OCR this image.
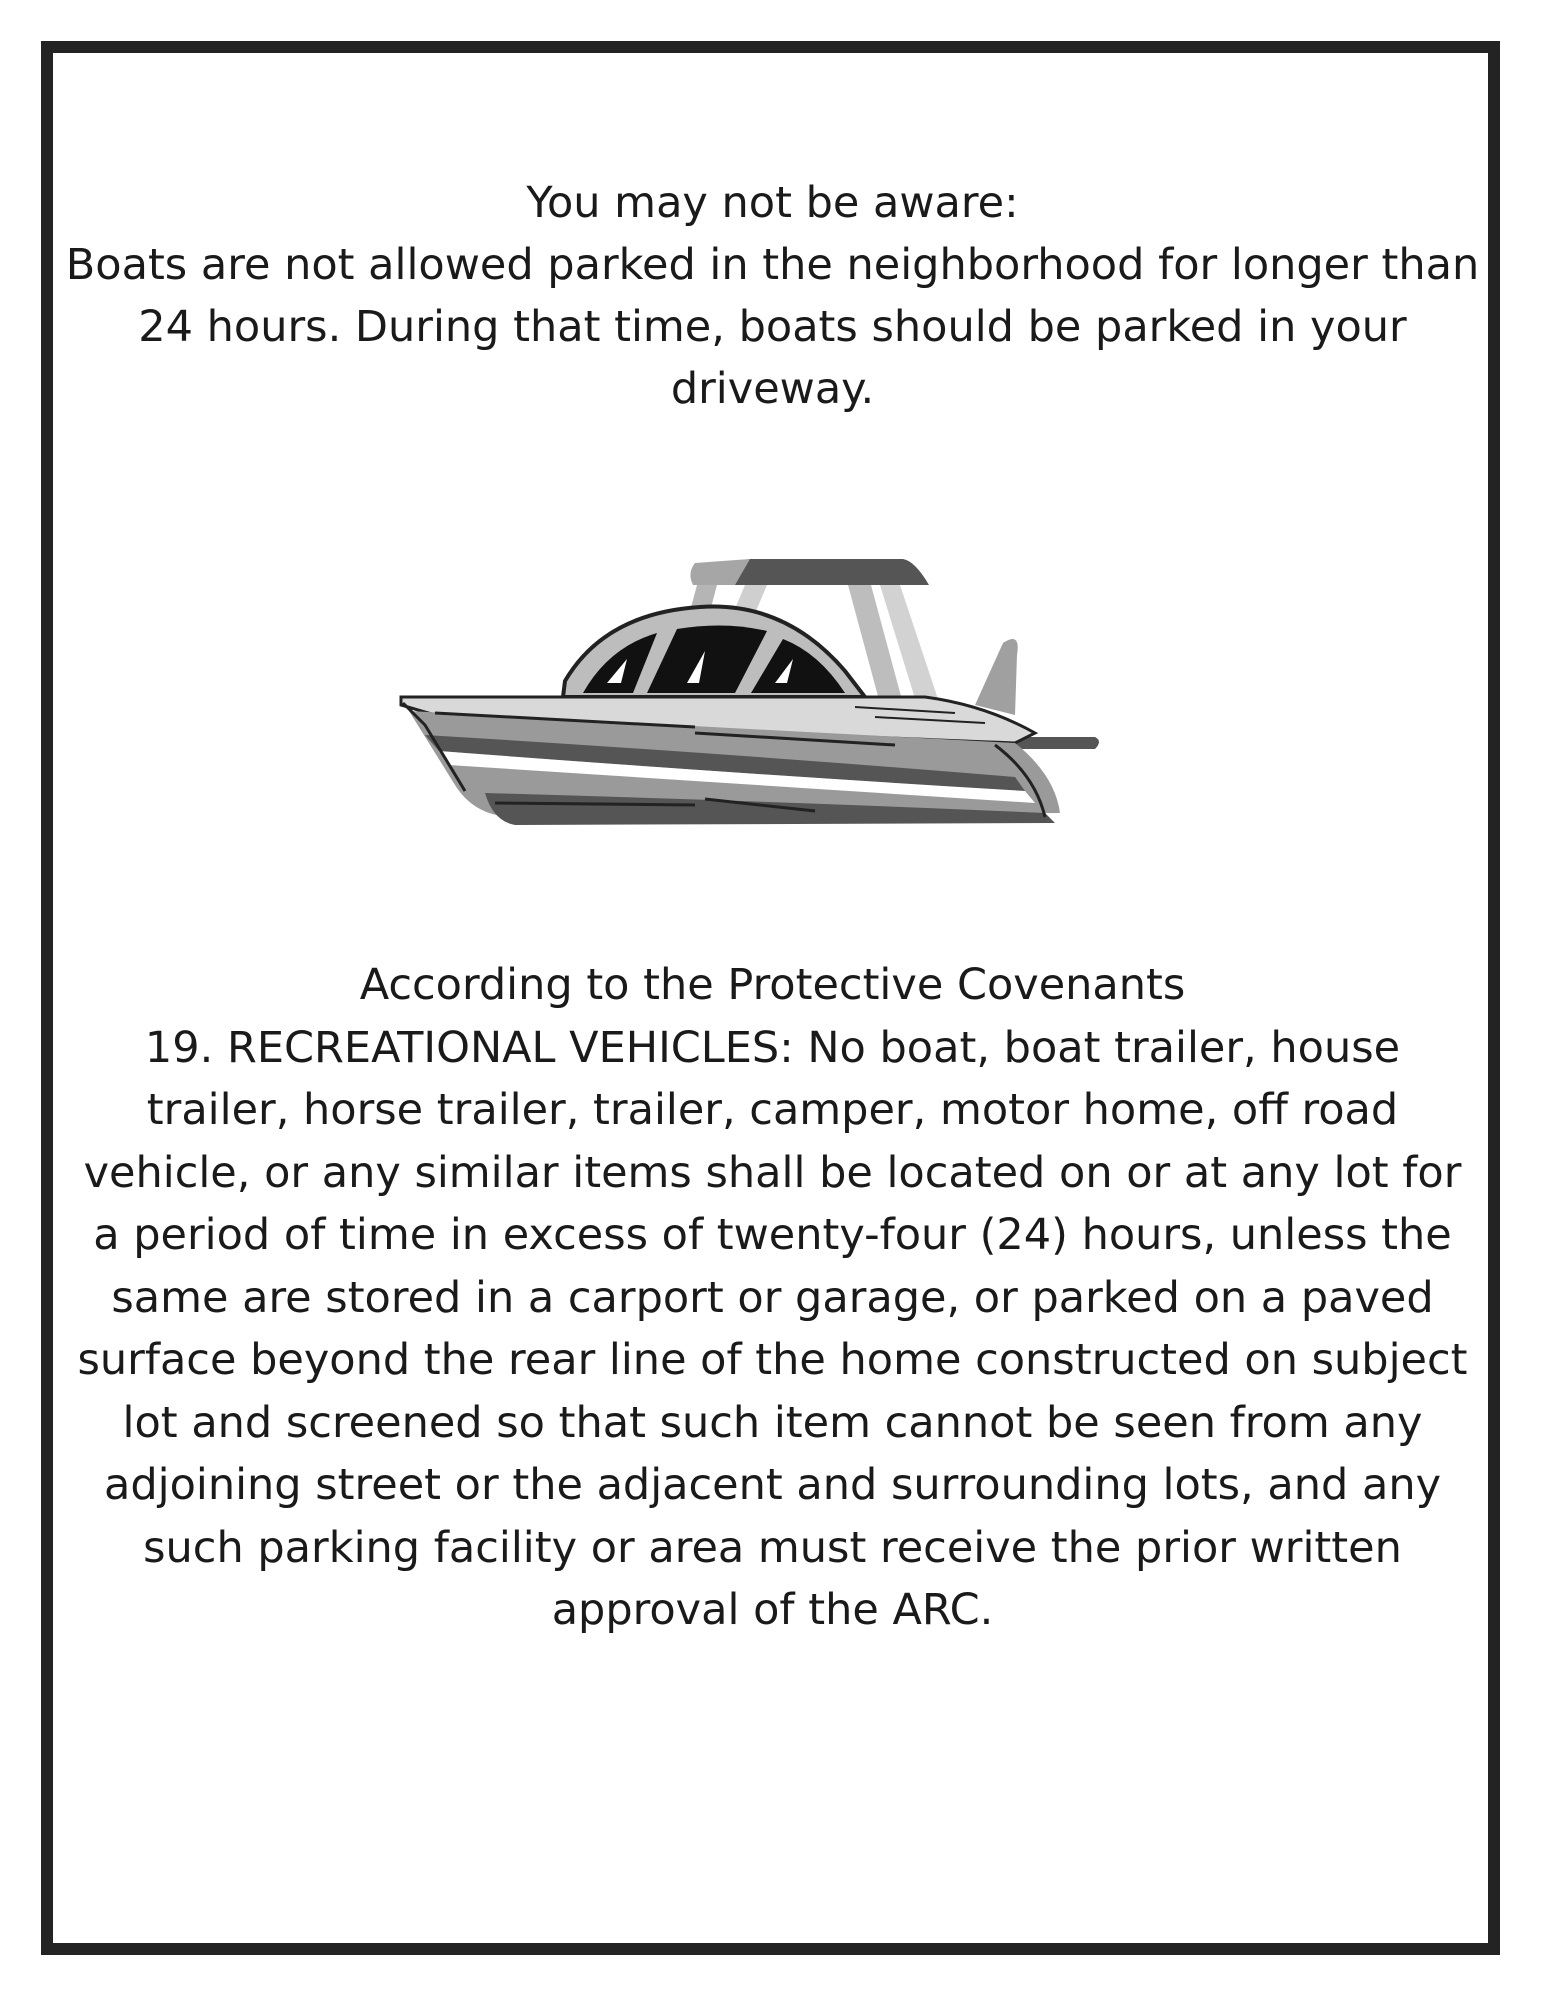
You may not be aware:

Boats are not allowed parked in the neighborhood for longer than 24 hours. During that time, boats should be parked in your driveway.

According to the Protective Covenants

19. RECREATIONAL VEHICLES: No boat, boat trailer, house trailer, horse trailer, trailer, camper, motor home, off road vehicle, or any similar items shall be located on or at any lot for a period of time in excess of twenty-four (24) hours, unless the same are stored in a carport or garage, or parked on a paved surface beyond the rear line of the home constructed on subject lot and screened so that such item cannot be seen from any adjoining street or the adjacent and surrounding lots, and any such parking facility or area must receive the prior written approval of the ARC.
